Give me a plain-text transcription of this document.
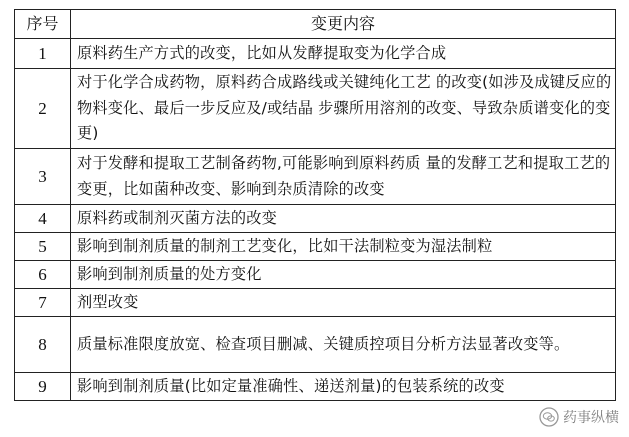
序号	变更内容
1	原料药生产方式的改变，比如从发酵提取变为化学合成

2	对于化学合成药物，原料药合成路线或关键纯化工艺 的改变(如涉及成键反应的物料变化、最后一步反应及/或结晶 步骤所用溶剂的改变、导致杂质谱变化的变更)

3	对于发酵和提取工艺制备药物,可能影响到原料药质 量的发酵工艺和提取工艺的变更，比如菌种改变、影响到杂质清除的改变

4	原料药或制剂灭菌方法的改变

5	影响到制剂质量的制剂工艺变化，比如干法制粒变为湿法制粒

6	影响到制剂质量的处方变化

7	剂型改变

8	质量标准限度放宽、检查项目删减、关键质控项目分析方法显著改变等。

9	影响到制剂质量(比如定量准确性、递送剂量)的包装系统的改变
药事纵横
